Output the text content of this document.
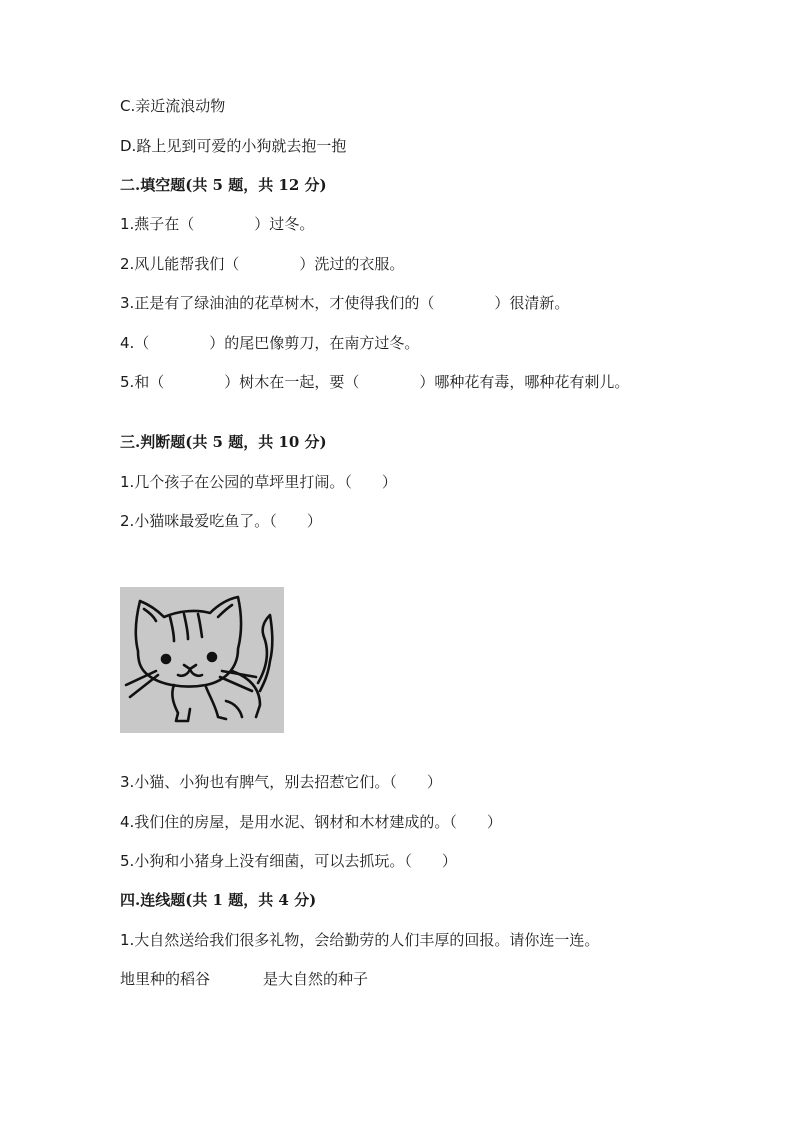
C.亲近流浪动物
D.路上见到可爱的小狗就去抱一抱
二.填空题(共 5 题，共 12 分)
1.燕子在（　　　　）过冬。
2.风儿能帮我们（　　　　）洗过的衣服。
3.正是有了绿油油的花草树木，才使得我们的（　　　　）很清新。
4.（　　　　）的尾巴像剪刀，在南方过冬。
5.和（　　　　）树木在一起，要（　　　　）哪种花有毒，哪种花有刺儿。
三.判断题(共 5 题，共 10 分)
1.几个孩子在公园的草坪里打闹。（　　）
2.小猫咪最爱吃鱼了。（　　）
3.小猫、小狗也有脾气，别去招惹它们。（　　）
4.我们住的房屋，是用水泥、钢材和木材建成的。（　　）
5.小狗和小猪身上没有细菌，可以去抓玩。（　　）
四.连线题(共 1 题，共 4 分)
1.大自然送给我们很多礼物，会给勤劳的人们丰厚的回报。请你连一连。
地里种的稻谷	是大自然的种子
